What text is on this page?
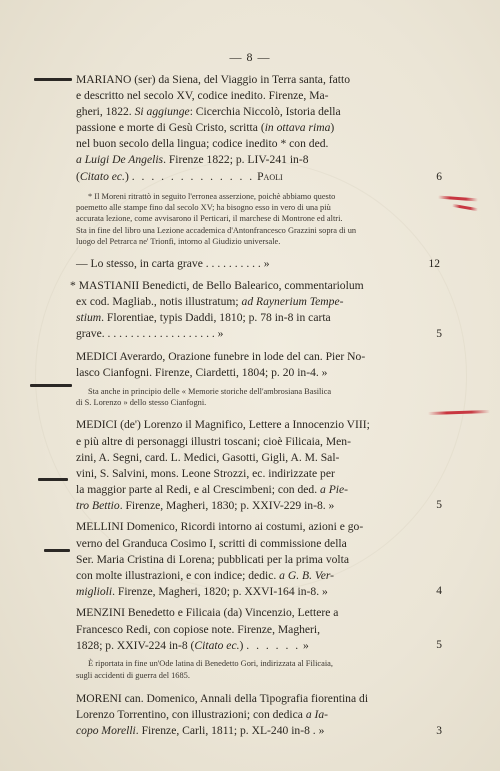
— 8 —
MARIANO (ser) da Siena, del Viaggio in Terra santa, fatto
e descritto nel secolo XV, codice inedito. Firenze, Ma-
gheri, 1822. Si aggiunge: Cicerchia Niccolò, Istoria della
passione e morte di Gesù Cristo, scritta (in ottava rima)
nel buon secolo della lingua; codice inedito * con ded.
a Luigi De Angelis. Firenze 1822; p. LIV-241 in-8
(Citato ec.) . . . . . . . . . . . . . Paoli	6
* Il Moreni ritrattò in seguito l'erronea asserzione, poichè abbiamo questo
poemetto alle stampe fino dal secolo XV; ha bisogno esso in vero di una più
accurata lezione, come avvisarono il Perticari, il marchese di Montrone ed altri.
Sta in fine del libro una Lezione accademica d'Antonfrancesco Grazzini sopra di un
luogo del Petrarca ne' Trionfi, intorno al Giudizio universale.
— Lo stesso, in carta grave . . . . . . . . . . »	12
* MASTIANII Benedicti, de Bello Balearico, commentariolum
ex cod. Magliab., notis illustratum; ad Raynerium Tempe-
stium. Florentiae, typis Daddi, 1810; p. 78 in-8 in carta
grave. . . . . . . . . . . . . . . . . . . . »	5
MEDICI Averardo, Orazione funebre in lode del can. Pier No-
lasco Cianfogni. Firenze, Ciardetti, 1804; p. 20 in-4. »
Sta anche in principio delle « Memorie storiche dell'ambrosiana Basilica
di S. Lorenzo » dello stesso Cianfogni.
MEDICI (de') Lorenzo il Magnifico, Lettere a Innocenzio VIII;
e più altre di personaggi illustri toscani; cioè Filicaia, Men-
zini, A. Segni, card. L. Medici, Gasotti, Gigli, A. M. Sal-
vini, S. Salvini, mons. Leone Strozzi, ec. indirizzate per
la maggior parte al Redi, e al Crescimbeni; con ded. a Pie-
tro Bettio. Firenze, Magheri, 1830; p. XXIV-229 in-8. »	5
MELLINI Domenico, Ricordi intorno ai costumi, azioni e go-
verno del Granduca Cosimo I, scritti di commissione della
Ser. Maria Cristina di Lorena; pubblicati per la prima volta
con molte illustrazioni, e con indice; dedic. a G. B. Ver-
miglioli. Firenze, Magheri, 1820; p. XXVI-164 in-8. »	4
MENZINI Benedetto e Filicaia (da) Vincenzio, Lettere a
Francesco Redi, con copiose note. Firenze, Magheri,
1828; p. XXIV-224 in-8 (Citato ec.) . . . . . . »	5
È riportata in fine un'Ode latina di Benedetto Gori, indirizzata al Filicaia,
sugli accidenti di guerra del 1685.
MORENI can. Domenico, Annali della Tipografia fiorentina di
Lorenzo Torrentino, con illustrazioni; con dedica a Ia-
copo Morelli. Firenze, Carli, 1811; p. XL-240 in-8 . »	3
